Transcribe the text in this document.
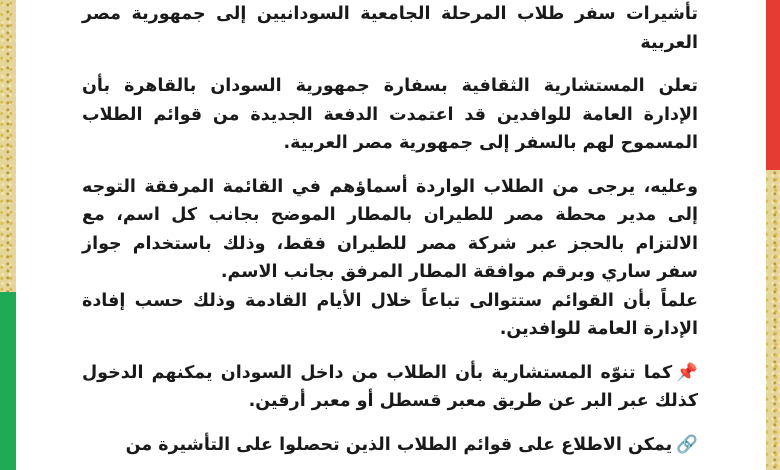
تأشيرات سفر طلاب المرحلة الجامعية السودانيين إلى جمهورية مصر العربية

تعلن المستشارية الثقافية بسفارة جمهورية السودان بالقاهرة بأن الإدارة العامة للوافدين قد اعتمدت الدفعة الجديدة من قوائم الطلاب المسموح لهم بالسفر إلى جمهورية مصر العربية.

وعليه، يرجى من الطلاب الواردة أسماؤهم في القائمة المرفقة التوجه إلى مدير محطة مصر للطيران بالمطار الموضح بجانب كل اسم، مع الالتزام بالحجز عبر شركة مصر للطيران فقط، وذلك باستخدام جواز سفر ساري وبرقم موافقة المطار المرفق بجانب الاسم.

علماً بأن القوائم ستتوالى تباعاً خلال الأيام القادمة وذلك حسب إفادة الإدارة العامة للوافدين.

📌كما تنوّه المستشارية بأن الطلاب من داخل السودان يمكنهم الدخول كذلك عبر البر عن طريق معبر قسطل أو معبر أرقين.

🔗يمكن الاطلاع على قوائم الطلاب الذين تحصلوا على التأشيرة من
